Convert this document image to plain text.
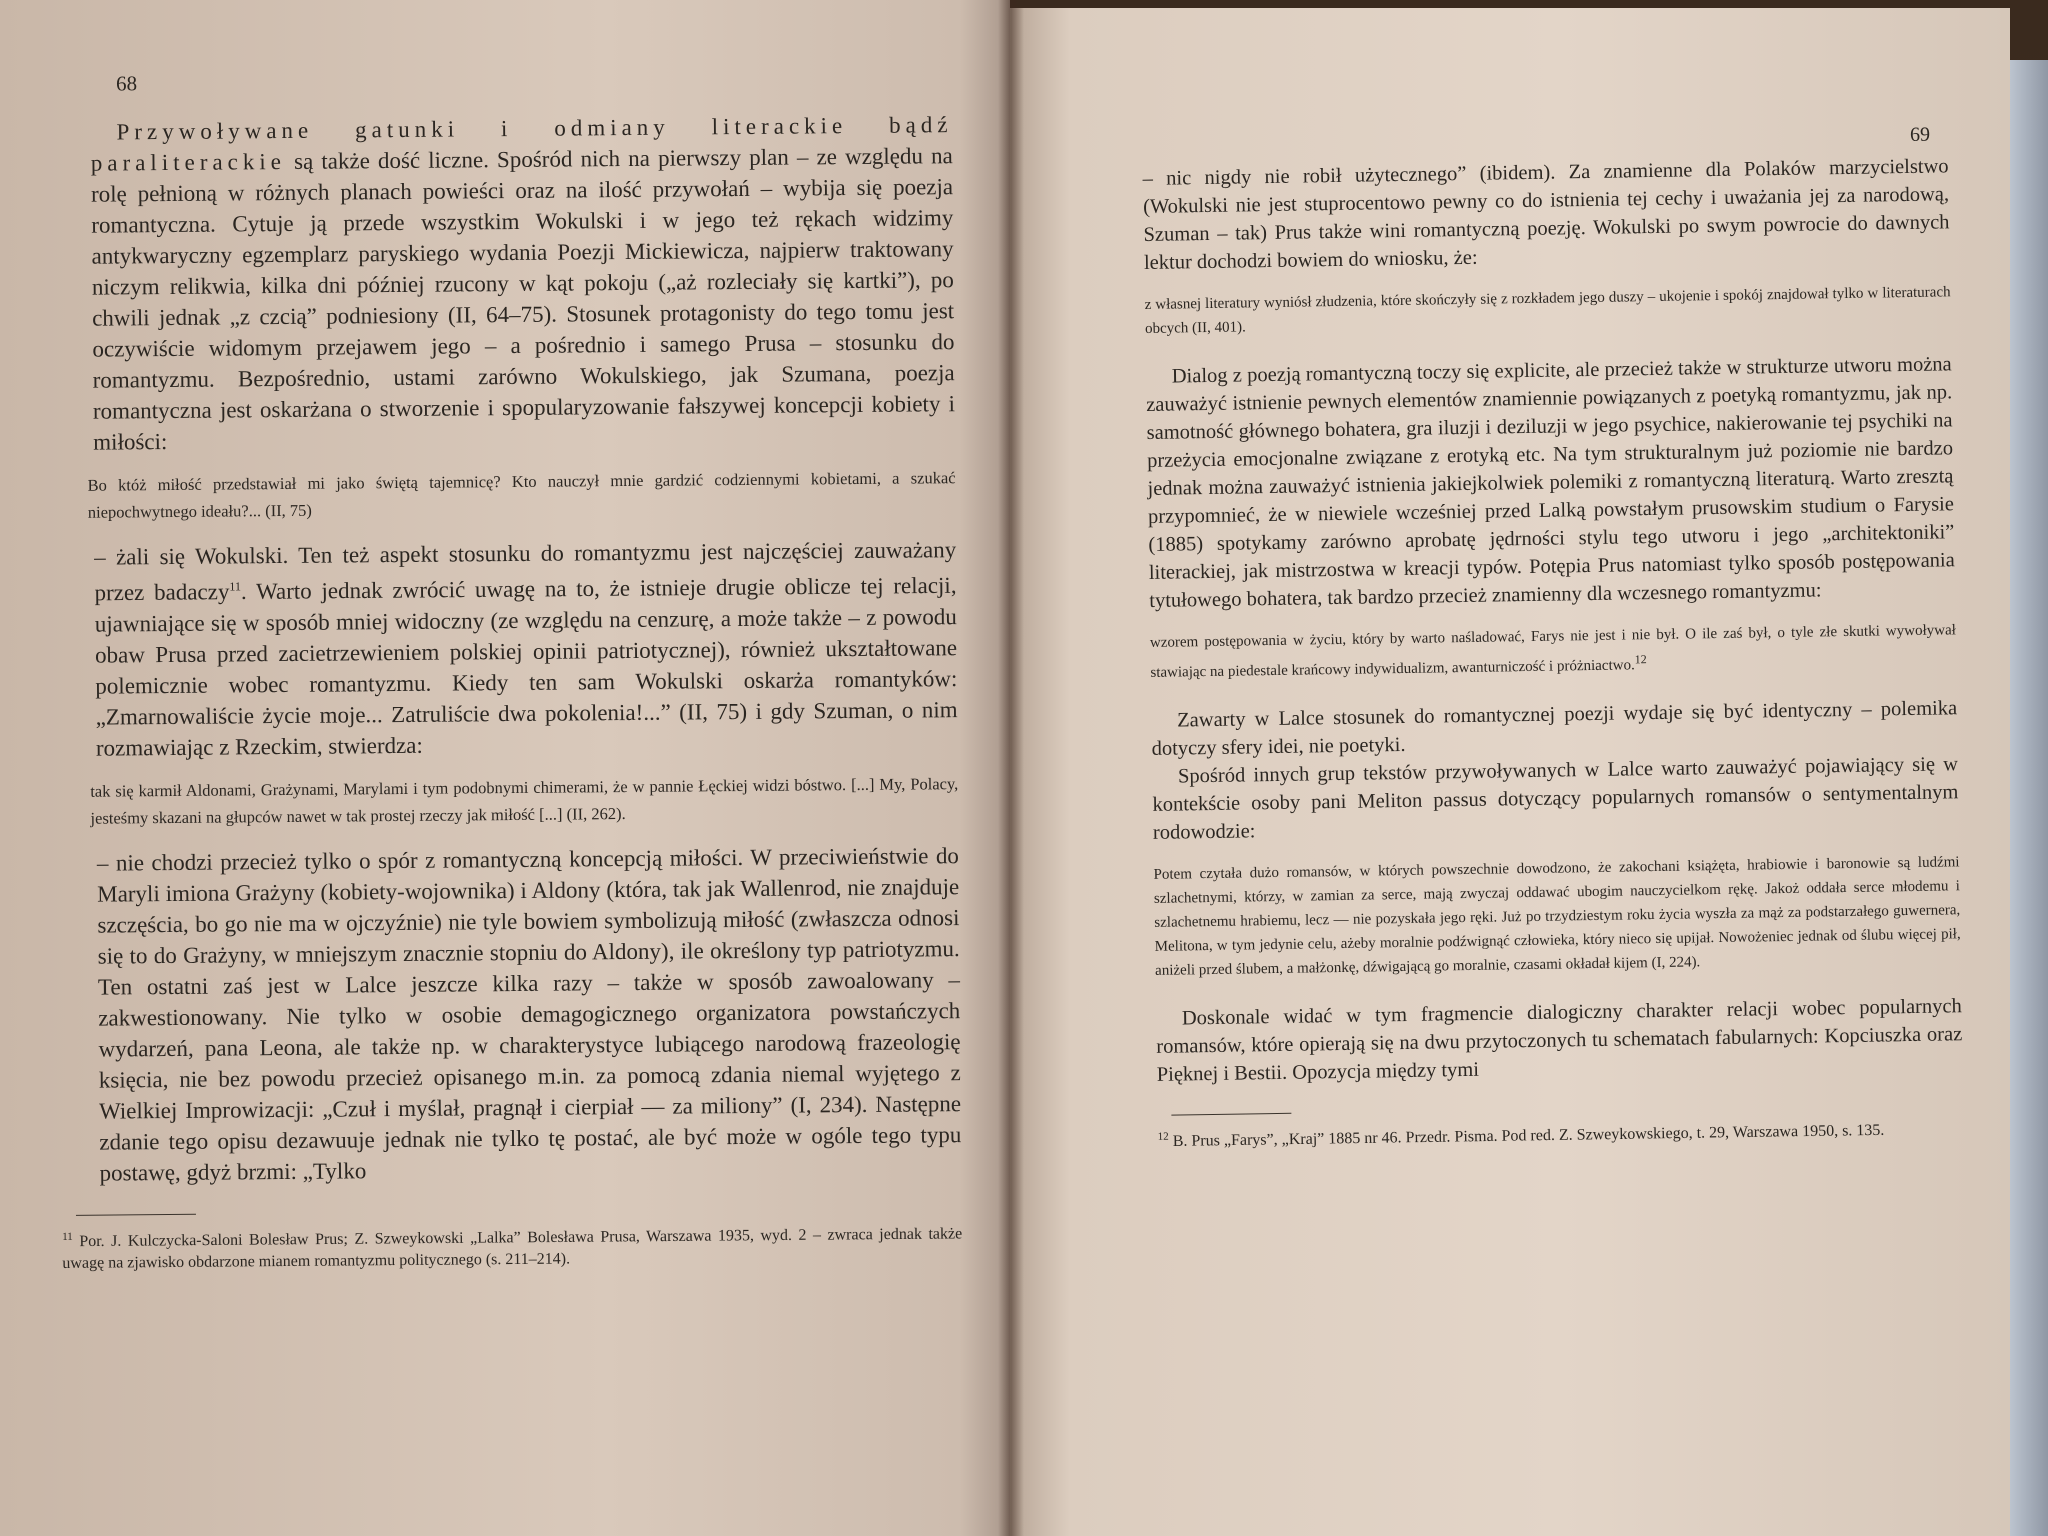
68

Przywoływane gatunki i odmiany literackie bądź paraliterackie są także dość liczne. Spośród nich na pierwszy plan – ze względu na rolę pełnioną w różnych planach powieści oraz na ilość przywołań – wybija się poezja romantyczna. Cytuje ją przede wszystkim Wokulski i w jego też rękach widzimy antykwaryczny egzemplarz paryskiego wydania Poezji Mickiewicza, najpierw traktowany niczym relikwia, kilka dni później rzucony w kąt pokoju („aż rozleciały się kartki”), po chwili jednak „z czcią” podniesiony (II, 64–75). Stosunek protagonisty do tego tomu jest oczywiście widomym przejawem jego – a pośrednio i samego Prusa – stosunku do romantyzmu. Bezpośrednio, ustami zarówno Wokulskiego, jak Szumana, poezja romantyczna jest oskarżana o stworzenie i spopularyzowanie fałszywej koncepcji kobiety i miłości:

Bo któż miłość przedstawiał mi jako świętą tajemnicę? Kto nauczył mnie gardzić codziennymi kobietami, a szukać niepochwytnego ideału?... (II, 75)

– żali się Wokulski. Ten też aspekt stosunku do romantyzmu jest najczęściej zauważany przez badaczy$^{11}$. Warto jednak zwrócić uwagę na to, że istnieje drugie oblicze tej relacji, ujawniające się w sposób mniej widoczny (ze względu na cenzurę, a może także – z powodu obaw Prusa przed zacietrzewieniem polskiej opinii patriotycznej), również ukształtowane polemicznie wobec romantyzmu. Kiedy ten sam Wokulski oskarża romantyków: „Zmarnowaliście życie moje... Zatruliście dwa pokolenia!...” (II, 75) i gdy Szuman, o nim rozmawiając z Rzeckim, stwierdza:

tak się karmił Aldonami, Grażynami, Marylami i tym podobnymi chimerami, że w pannie Łęckiej widzi bóstwo. [...] My, Polacy, jesteśmy skazani na głupców nawet w tak prostej rzeczy jak miłość [...] (II, 262).

– nie chodzi przecież tylko o spór z romantyczną koncepcją miłości. W przeciwieństwie do Maryli imiona Grażyny (kobiety-wojownika) i Aldony (która, tak jak Wallenrod, nie znajduje szczęścia, bo go nie ma w ojczyźnie) nie tyle bowiem symbolizują miłość (zwłaszcza odnosi się to do Grażyny, w mniejszym znacznie stopniu do Aldony), ile określony typ patriotyzmu. Ten ostatni zaś jest w Lalce jeszcze kilka razy – także w sposób zawoalowany – zakwestionowany. Nie tylko w osobie demagogicznego organizatora powstańczych wydarzeń, pana Leona, ale także np. w charakterystyce lubiącego narodową frazeologię księcia, nie bez powodu przecież opisanego m.in. za pomocą zdania niemal wyjętego z Wielkiej Improwizacji: „Czuł i myślał, pragnął i cierpiał — za miliony” (I, 234). Następne zdanie tego opisu dezawuuje jednak nie tylko tę postać, ale być może w ogóle tego typu postawę, gdyż brzmi: „Tylko

$^{11}$ Por. J. Kulczycka-Saloni Bolesław Prus; Z. Szweykowski „Lalka” Bolesława Prusa, Warszawa 1935, wyd. 2 – zwraca jednak także uwagę na zjawisko obdarzone mianem romantyzmu politycznego (s. 211–214).
69
– nic nigdy nie robił użytecznego” (ibidem). Za znamienne dla Polaków marzycielstwo (Wokulski nie jest stuprocentowo pewny co do istnienia tej cechy i uważania jej za narodową, Szuman – tak) Prus także wini romantyczną poezję. Wokulski po swym powrocie do dawnych lektur dochodzi bowiem do wniosku, że:
z własnej literatury wyniósł złudzenia, które skończyły się z rozkładem jego duszy – ukojenie i spokój znajdował tylko w literaturach obcych (II, 401).
Dialog z poezją romantyczną toczy się explicite, ale przecież także w strukturze utworu można zauważyć istnienie pewnych elementów znamiennie powiązanych z poetyką romantyzmu, jak np. samotność głównego bohatera, gra iluzji i deziluzji w jego psychice, nakierowanie tej psychiki na przeżycia emocjonalne związane z erotyką etc. Na tym strukturalnym już poziomie nie bardzo jednak można zauważyć istnienia jakiejkolwiek polemiki z romantyczną literaturą. Warto zresztą przypomnieć, że w niewiele wcześniej przed Lalką powstałym prusowskim studium o Farysie (1885) spotykamy zarówno aprobatę jędrności stylu tego utworu i jego „architektoniki” literackiej, jak mistrzostwa w kreacji typów. Potępia Prus natomiast tylko sposób postępowania tytułowego bohatera, tak bardzo przecież znamienny dla wczesnego romantyzmu:
wzorem postępowania w życiu, który by warto naśladować, Farys nie jest i nie był. O ile zaś był, o tyle złe skutki wywoływał stawiając na piedestale krańcowy indywidualizm, awanturniczość i próżniactwo.$^{12}$
Zawarty w Lalce stosunek do romantycznej poezji wydaje się być identyczny – polemika dotyczy sfery idei, nie poetyki.
Spośród innych grup tekstów przywoływanych w Lalce warto zauważyć pojawiający się w kontekście osoby pani Meliton passus dotyczący popularnych romansów o sentymentalnym rodowodzie:
Potem czytała dużo romansów, w których powszechnie dowodzono, że zakochani książęta, hrabiowie i baronowie są ludźmi szlachetnymi, którzy, w zamian za serce, mają zwyczaj oddawać ubogim nauczycielkom rękę. Jakoż oddała serce młodemu i szlachetnemu hrabiemu, lecz — nie pozyskała jego ręki. Już po trzydziestym roku życia wyszła za mąż za podstarzałego guwernera, Melitona, w tym jedynie celu, ażeby moralnie podźwignąć człowieka, który nieco się upijał. Nowożeniec jednak od ślubu więcej pił, aniżeli przed ślubem, a małżonkę, dźwigającą go moralnie, czasami okładał kijem (I, 224).
Doskonale widać w tym fragmencie dialogiczny charakter relacji wobec popularnych romansów, które opierają się na dwu przytoczonych tu schematach fabularnych: Kopciuszka oraz Pięknej i Bestii. Opozycja między tymi
$^{12}$ B. Prus „Farys”, „Kraj” 1885 nr 46. Przedr. Pisma. Pod red. Z. Szweykowskiego, t. 29, Warszawa 1950, s. 135.
